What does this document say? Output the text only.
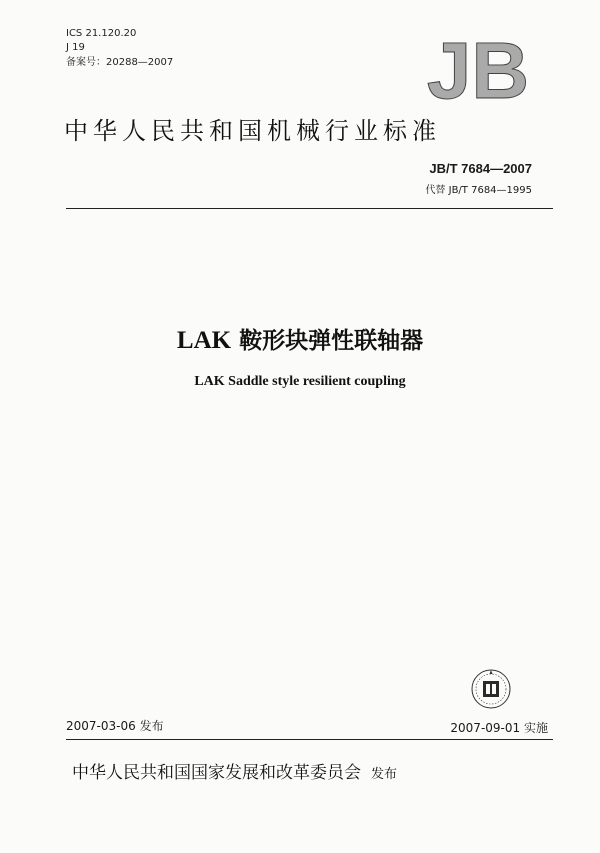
ICS 21.120.20
J 19
备案号：20288—2007	JB
中华人民共和国机械行业标准
JB/T 7684—2007
代替 JB/T 7684—1995
LAK 鞍形块弹性联轴器
LAK Saddle style resilient coupling
2007-03-06 发布	2007-09-01 实施
中华人民共和国国家发展和改革委员会 发布
